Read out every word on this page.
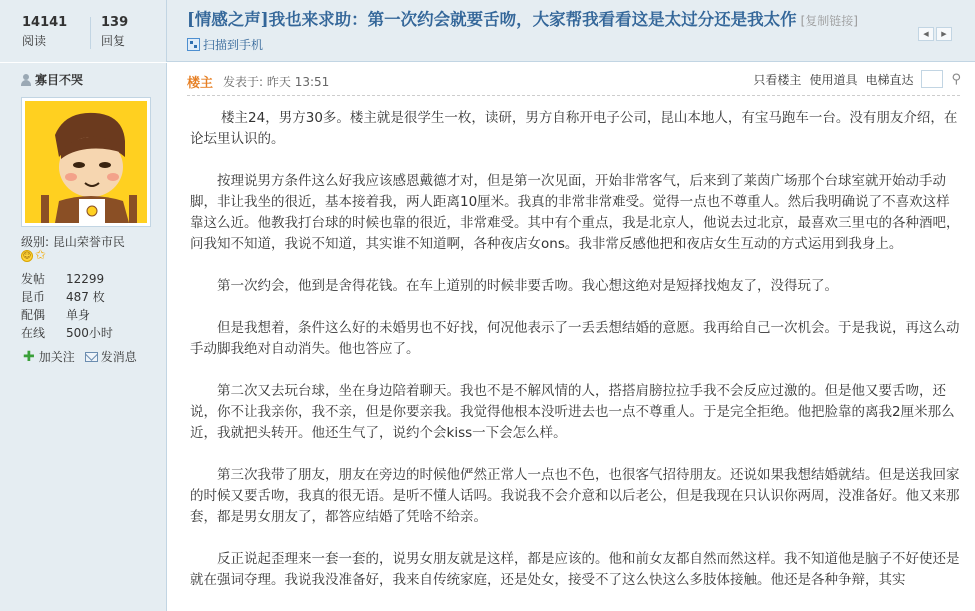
14141
阅读
139
回复
[情感之声]我也来求助：第一次约会就要舌吻，大家帮我看看这是太过分还是我太作 [复制链接]
扫描到手机
◀	▶
寡目不哭
级别: 昆山荣誉市民
☺ ✩
发帖	12299
昆币	487 枚
配偶	单身
在线	500小时
✚ 加关注 发消息
楼主 发表于: 昨天 13:51	只看楼主 使用道具 电梯直达	⚲

楼主24，男方30多。楼主就是很学生一枚，读研，男方自称开电子公司，昆山本地人，有宝马跑车一台。没有朋友介绍，在论坛里认识的。

按理说男方条件这么好我应该感恩戴德才对，但是第一次见面，开始非常客气，后来到了莱茵广场那个台球室就开始动手动脚，非让我坐的很近，基本接着我，两人距离10厘米。我真的非常非常难受。觉得一点也不尊重人。然后我明确说了不喜欢这样靠这么近。他教我打台球的时候也靠的很近，非常难受。其中有个重点，我是北京人，他说去过北京，最喜欢三里屯的各种酒吧，问我知不知道，我说不知道，其实谁不知道啊，各种夜店女ons。我非常反感他把和夜店女生互动的方式运用到我身上。

第一次约会，他到是舍得花钱。在车上道别的时候非要舌吻。我心想这绝对是短择找炮友了，没得玩了。

但是我想着，条件这么好的未婚男也不好找，何况他表示了一丢丢想结婚的意愿。我再给自己一次机会。于是我说，再这么动手动脚我绝对自动消失。他也答应了。

第二次又去玩台球，坐在身边陪着聊天。我也不是不解风情的人，搭搭肩膀拉拉手我不会反应过激的。但是他又要舌吻，还说，你不让我亲你，我不亲，但是你要亲我。我觉得他根本没听进去也一点不尊重人。于是完全拒绝。他把脸靠的离我2厘米那么近，我就把头转开。他还生气了，说约个会kiss一下会怎么样。

第三次我带了朋友，朋友在旁边的时候他俨然正常人一点也不色，也很客气招待朋友。还说如果我想结婚就结。但是送我回家的时候又要舌吻，我真的很无语。是听不懂人话吗。我说我不会介意和以后老公，但是我现在只认识你两周，没准备好。他又来那套，都是男女朋友了，都答应结婚了凭啥不给亲。

反正说起歪理来一套一套的，说男女朋友就是这样，都是应该的。他和前女友都自然而然这样。我不知道他是脑子不好使还是就在强词夺理。我说我没准备好，我来自传统家庭，还是处女，接受不了这么快这么多肢体接触。他还是各种争辩，其实
